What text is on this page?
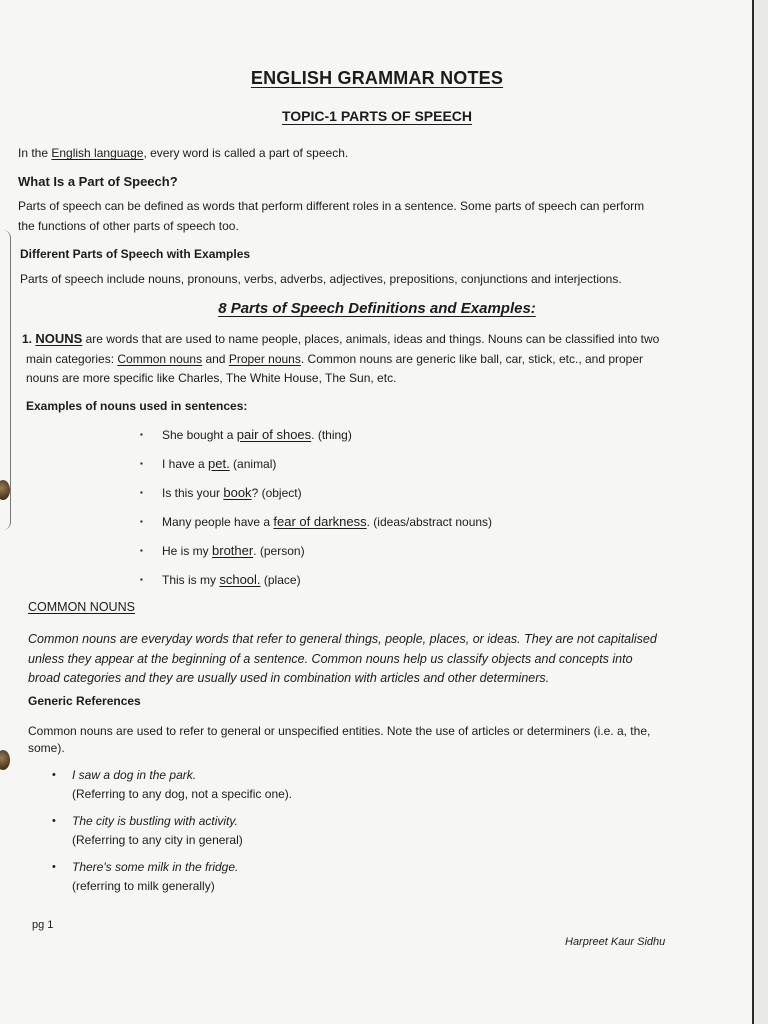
ENGLISH GRAMMAR NOTES
TOPIC-1 PARTS OF SPEECH
In the English language, every word is called a part of speech.
What Is a Part of Speech?
Parts of speech can be defined as words that perform different roles in a sentence. Some parts of speech can perform
the functions of other parts of speech too.
Different Parts of Speech with Examples
Parts of speech include nouns, pronouns, verbs, adverbs, adjectives, prepositions, conjunctions and interjections.
8 Parts of Speech Definitions and Examples:
1. NOUNS are words that are used to name people, places, animals, ideas and things. Nouns can be classified into two
main categories: Common nouns and Proper nouns. Common nouns are generic like ball, car, stick, etc., and proper
nouns are more specific like Charles, The White House, The Sun, etc.
Examples of nouns used in sentences:
▪ She bought a pair of shoes. (thing)
▪ I have a pet. (animal)
▪ Is this your book? (object)
▪ Many people have a fear of darkness. (ideas/abstract nouns)
▪ He is my brother. (person)
▪ This is my school. (place)
COMMON NOUNS
Common nouns are everyday words that refer to general things, people, places, or ideas. They are not capitalised
unless they appear at the beginning of a sentence. Common nouns help us classify objects and concepts into
broad categories and they are usually used in combination with articles and other determiners.
Generic References
Common nouns are used to refer to general or unspecified entities. Note the use of articles or determiners (i.e. a, the,
some).
• I saw a dog in the park.
(Referring to any dog, not a specific one).
• The city is bustling with activity.
(Referring to any city in general)
• There's some milk in the fridge.
(referring to milk generally)
pg 1
Harpreet Kaur Sidhu
